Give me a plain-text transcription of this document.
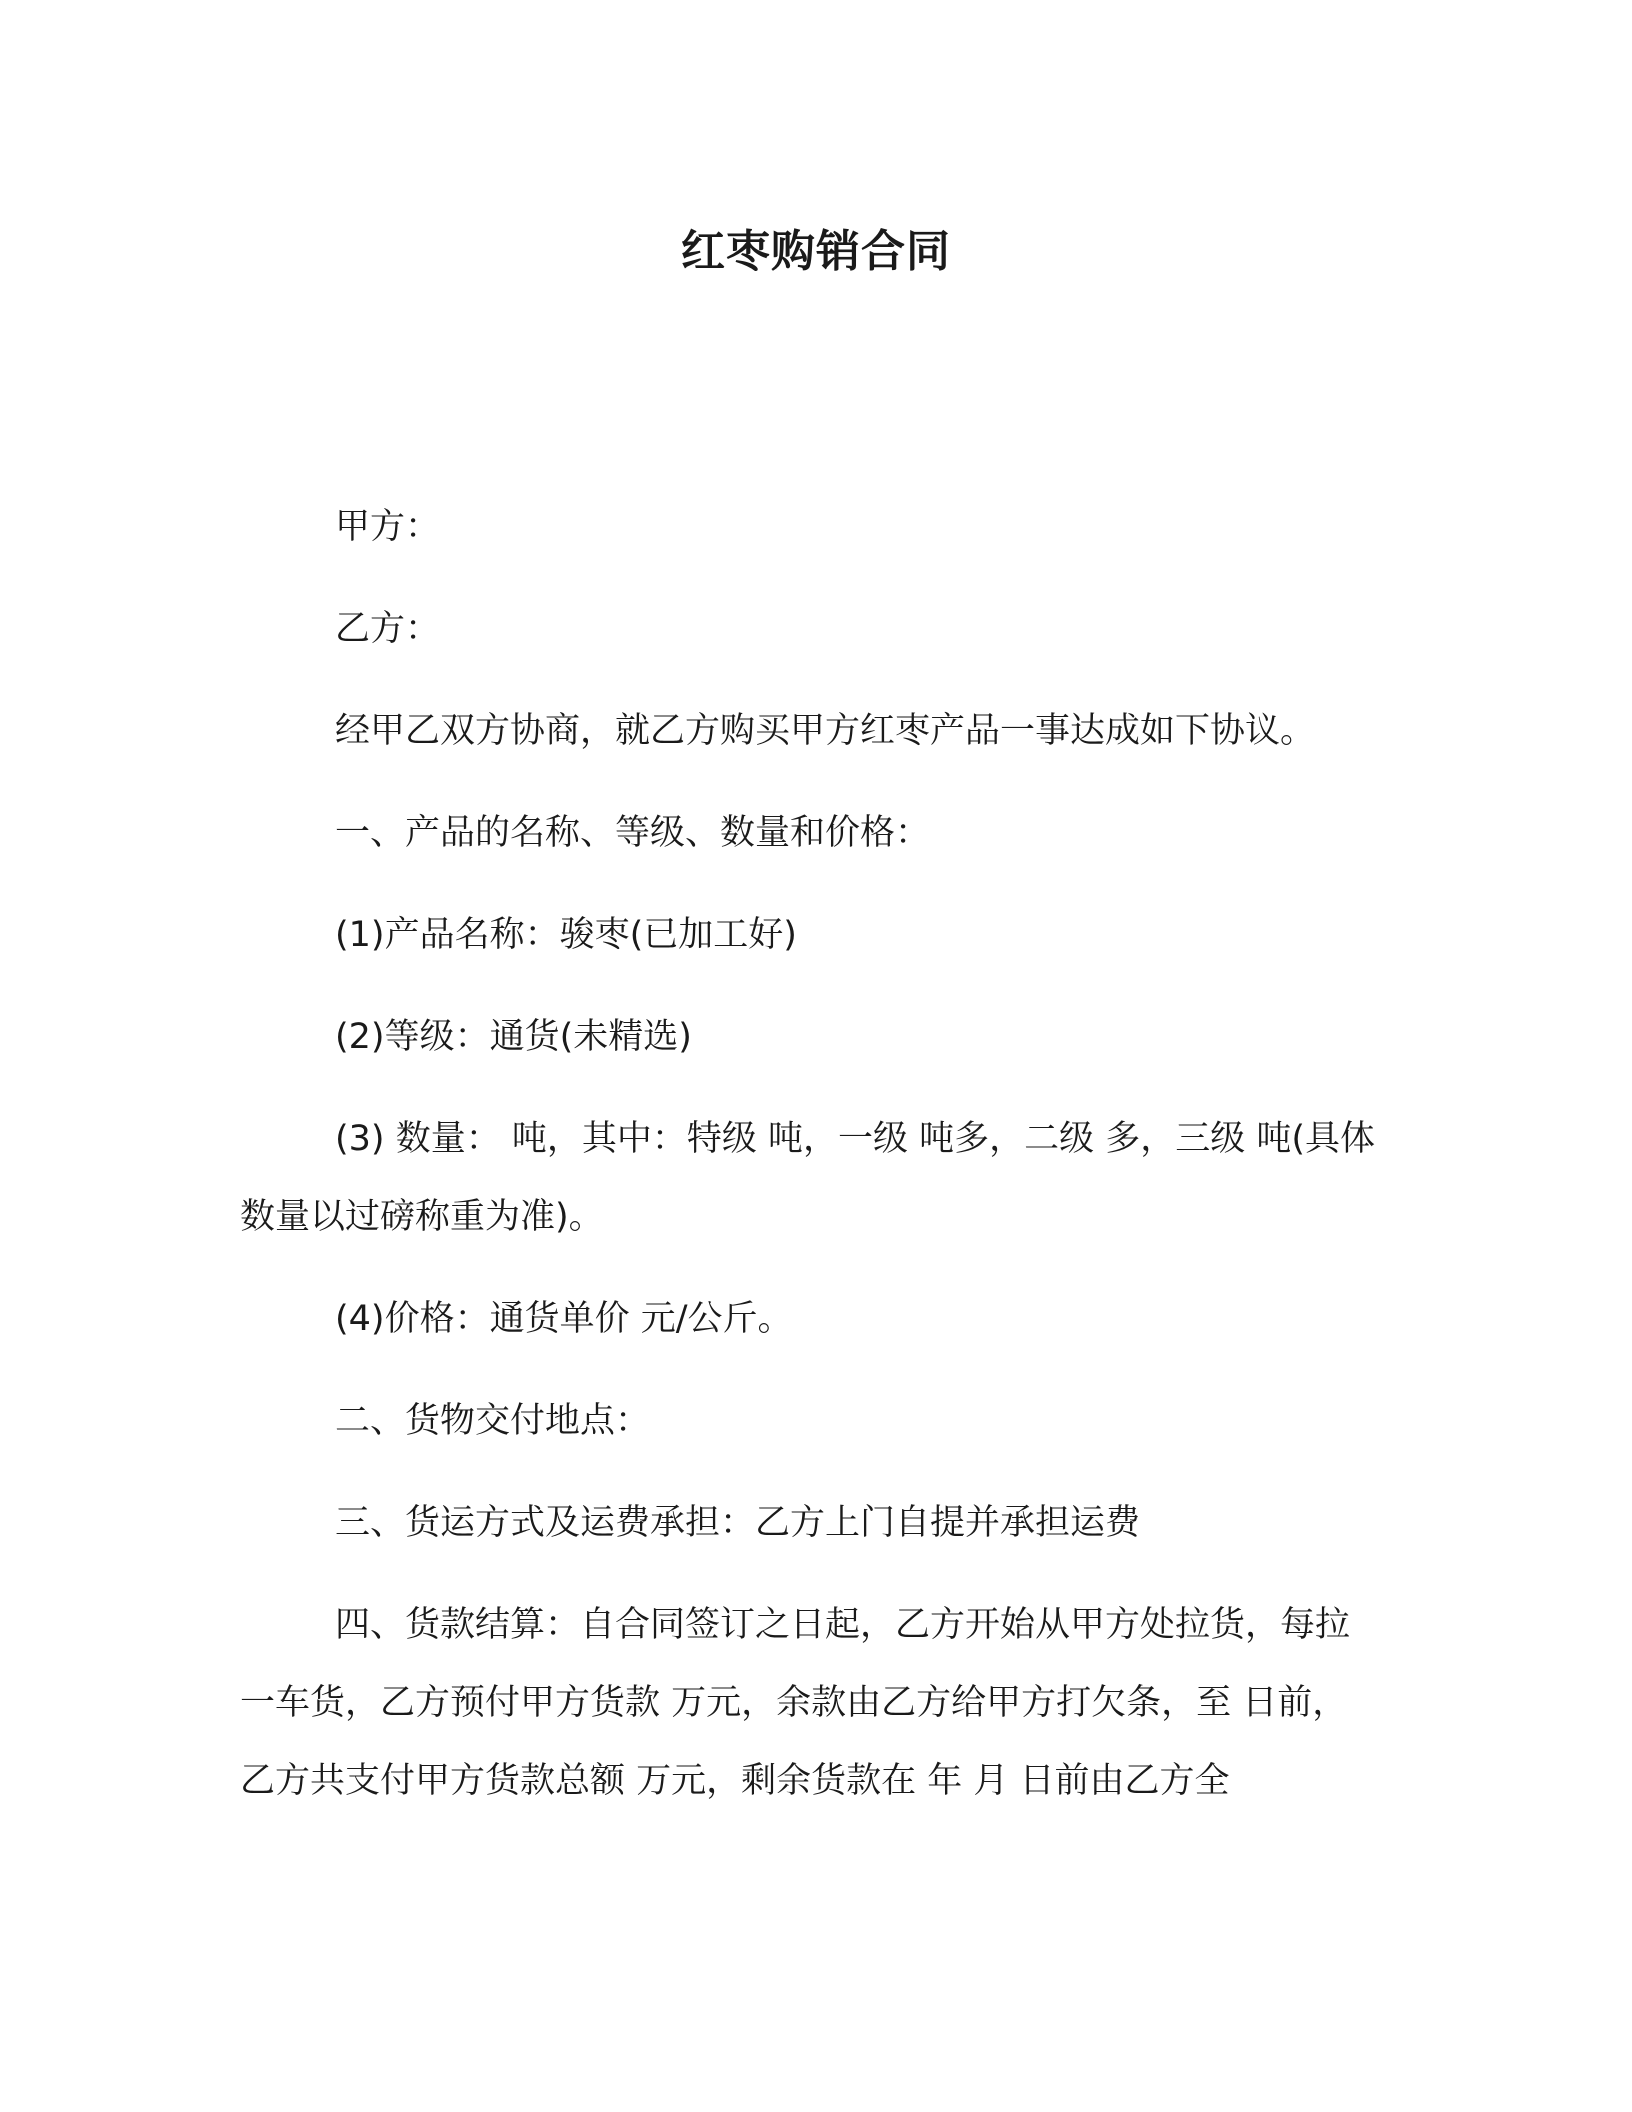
红枣购销合同

甲方：

乙方：

经甲乙双方协商，就乙方购买甲方红枣产品一事达成如下协议。

一、产品的名称、等级、数量和价格：

(1)产品名称：骏枣(已加工好)

(2)等级：通货(未精选)

(3) 数量： 吨，其中：特级 吨，一级 吨多，二级 多，三级 吨(具体数量以过磅称重为准)。

(4)价格：通货单价 元/公斤。

二、货物交付地点：

三、货运方式及运费承担：乙方上门自提并承担运费

四、货款结算：自合同签订之日起，乙方开始从甲方处拉货，每拉一车货，乙方预付甲方货款 万元，余款由乙方给甲方打欠条，至 日前，乙方共支付甲方货款总额 万元，剩余货款在 年 月 日前由乙方全
